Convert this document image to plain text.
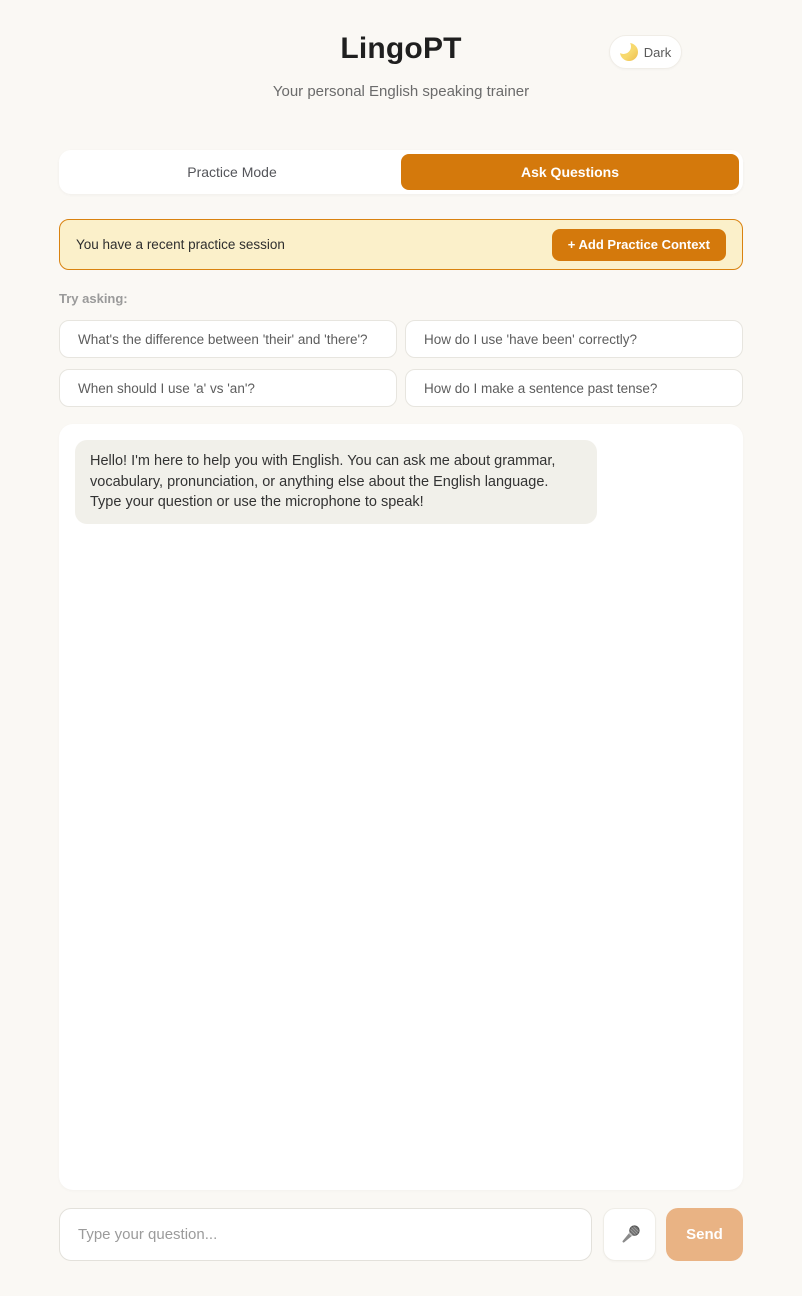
Dark
LingoPT
Your personal English speaking trainer
Practice Mode	Ask Questions
You have a recent practice session	+ Add Practice Context
Try asking:
What's the difference between 'their' and 'there'?	How do I use 'have been' correctly?
When should I use 'a' vs 'an'?	How do I make a sentence past tense?
Hello! I'm here to help you with English. You can ask me about grammar, vocabulary, pronunciation, or anything else about the English language. Type your question or use the microphone to speak!
Type your question...
Send
